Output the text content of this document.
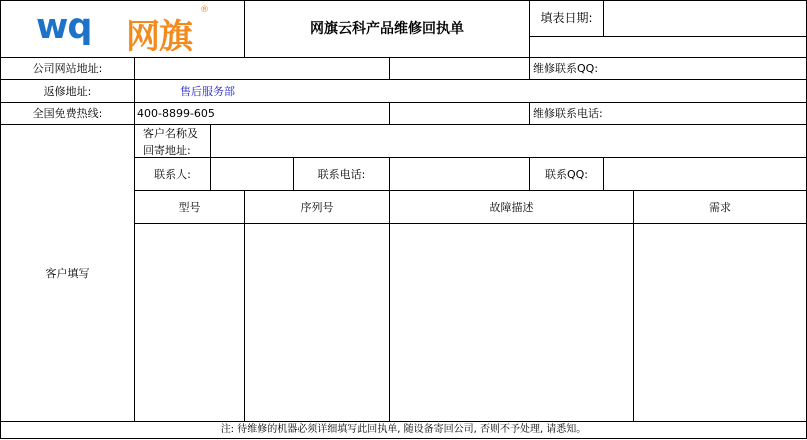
wq 网旗
®
网旗云科产品维修回执单
填表日期:
公司网站地址:	维修联系QQ:
返修地址:	售后服务部
全国免费热线:	400-8899-605	维修联系电话:
客户填写
客户名称及
回寄地址:
联系人:	联系电话:	联系QQ:
型号	序列号	故障描述	需求
注: 待维修的机器必须详细填写此回执单, 随设备寄回公司, 否则不予处理, 请悉知。
